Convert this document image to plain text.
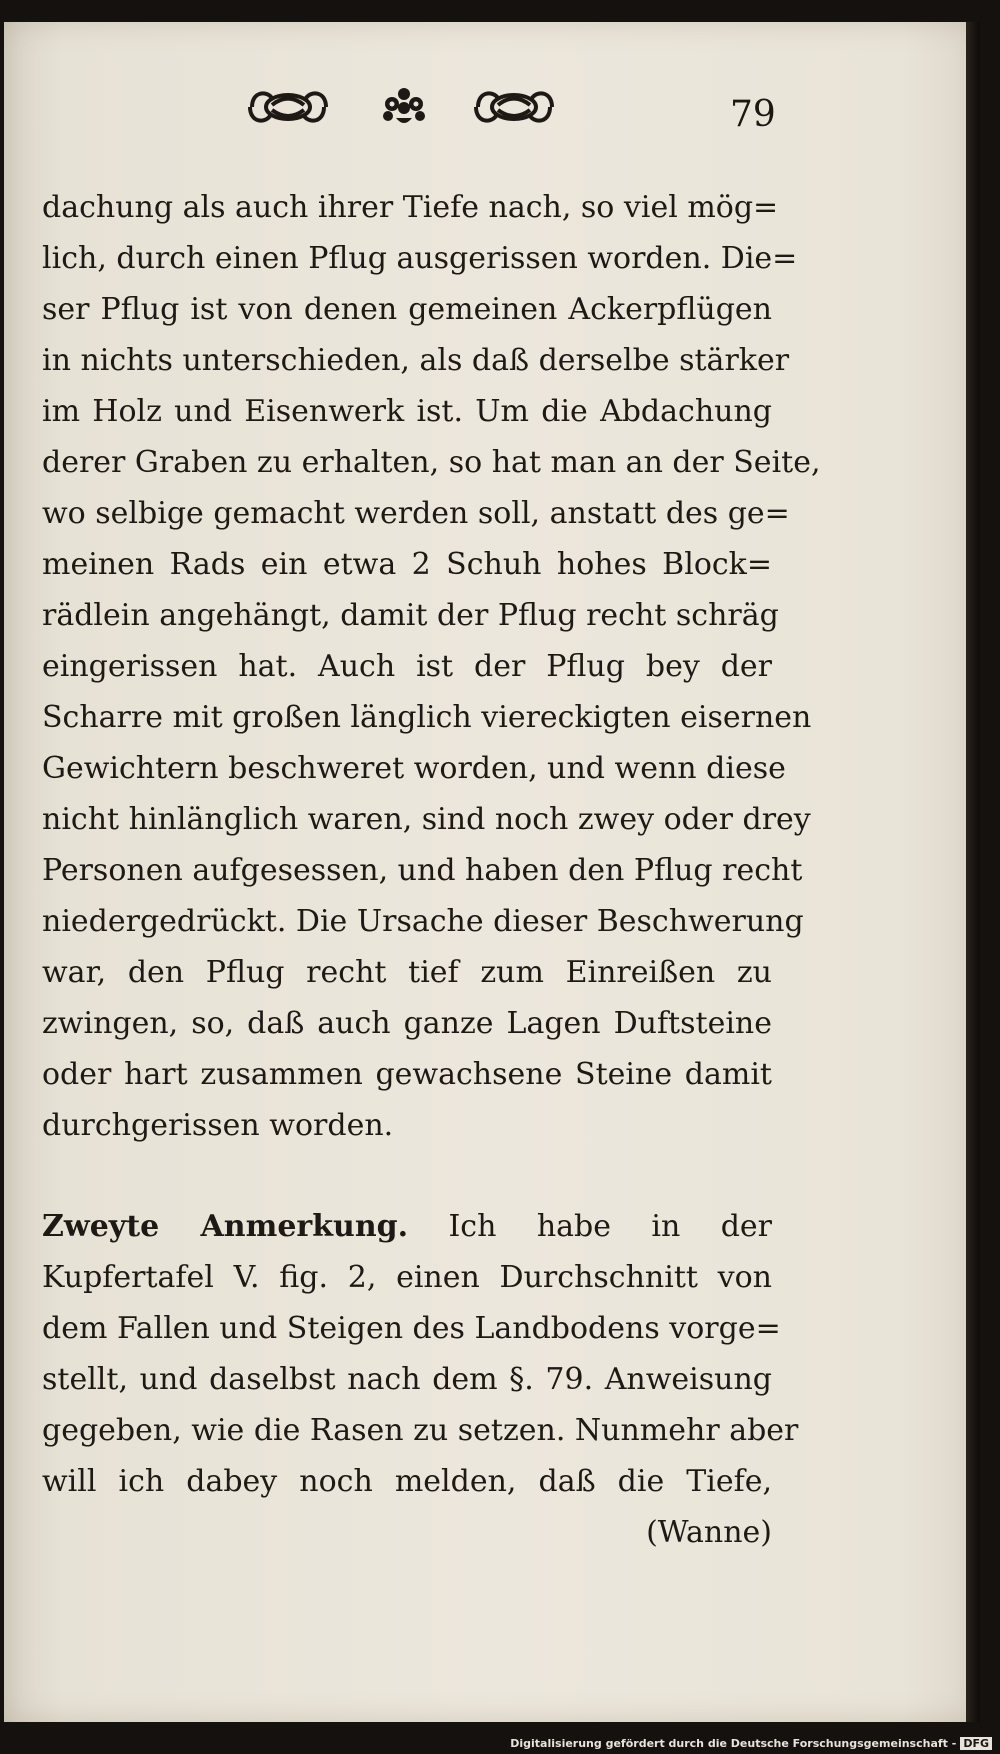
79
dachung als auch ihrer Tiefe nach, so viel mög=
lich, durch einen Pflug ausgerissen worden. Die=
ser Pflug ist von denen gemeinen Ackerpflügen
in nichts unterschieden, als daß derselbe stärker
im Holz und Eisenwerk ist. Um die Abdachung
derer Graben zu erhalten, so hat man an der Seite,
wo selbige gemacht werden soll, anstatt des ge=
meinen Rads ein etwa 2 Schuh hohes Block=
rädlein angehängt, damit der Pflug recht schräg
eingerissen hat. Auch ist der Pflug bey der
Scharre mit großen länglich viereckigten eisernen
Gewichtern beschweret worden, und wenn diese
nicht hinlänglich waren, sind noch zwey oder drey
Personen aufgesessen, und haben den Pflug recht
niedergedrückt. Die Ursache dieser Beschwerung
war, den Pflug recht tief zum Einreißen zu
zwingen, so, daß auch ganze Lagen Duftsteine
oder hart zusammen gewachsene Steine damit
durchgerissen worden.
Zweyte Anmerkung. Ich habe in der
Kupfertafel V. fig. 2, einen Durchschnitt von
dem Fallen und Steigen des Landbodens vorge=
stellt, und daselbst nach dem §. 79. Anweisung
gegeben, wie die Rasen zu setzen. Nunmehr aber
will ich dabey noch melden, daß die Tiefe,
(Wanne)
Digitalisierung gefördert durch die Deutsche Forschungsgemeinschaft - DFG
